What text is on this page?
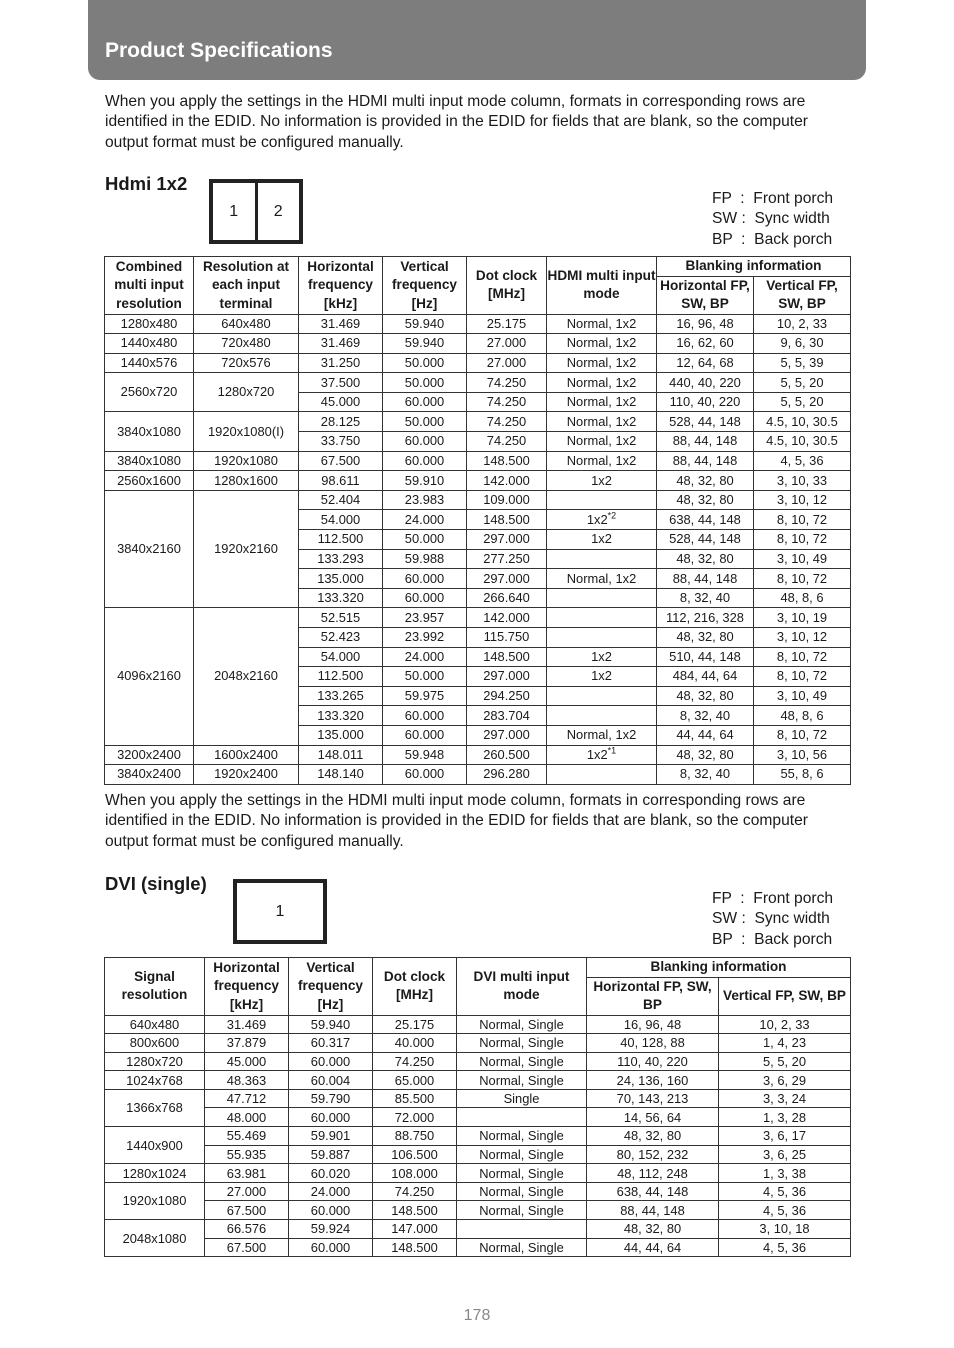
Product Specifications

When you apply the settings in the HDMI multi input mode column, formats in corresponding rows are identified in the EDID. No information is provided in the EDID for fields that are blank, so the computer output format must be configured manually.

Hdmi 1x2
1	2
FP  :  Front porch
SW :  Sync width
BP  :  Back porch
Combined multi input resolution	Resolution at each input terminal	Horizontal frequency [kHz]	Vertical frequency [Hz]	Dot clock [MHz]	HDMI multi input mode	Blanking information	
						Horizontal FP, SW, BP	Vertical FP, SW, BP
1280x480	640x480	31.469	59.940	25.175	Normal, 1x2	16, 96, 48	10, 2, 33
1440x480	720x480	31.469	59.940	27.000	Normal, 1x2	16, 62, 60	9, 6, 30
1440x576	720x576	31.250	50.000	27.000	Normal, 1x2	12, 64, 68	5, 5, 39
2560x720	1280x720	37.500	50.000	74.250	Normal, 1x2	440, 40, 220	5, 5, 20
		45.000	60.000	74.250	Normal, 1x2	110, 40, 220	5, 5, 20
3840x1080	1920x1080(I)	28.125	50.000	74.250	Normal, 1x2	528, 44, 148	4.5, 10, 30.5
		33.750	60.000	74.250	Normal, 1x2	88, 44, 148	4.5, 10, 30.5
3840x1080	1920x1080	67.500	60.000	148.500	Normal, 1x2	88, 44, 148	4, 5, 36
2560x1600	1280x1600	98.611	59.910	142.000	1x2	48, 32, 80	3, 10, 33
3840x2160	1920x2160	52.404	23.983	109.000		48, 32, 80	3, 10, 12
		54.000	24.000	148.500	1x2$^{*2}$	638, 44, 148	8, 10, 72
		112.500	50.000	297.000	1x2	528, 44, 148	8, 10, 72
		133.293	59.988	277.250		48, 32, 80	3, 10, 49
		135.000	60.000	297.000	Normal, 1x2	88, 44, 148	8, 10, 72
		133.320	60.000	266.640		8, 32, 40	48, 8, 6
4096x2160	2048x2160	52.515	23.957	142.000		112, 216, 328	3, 10, 19
		52.423	23.992	115.750		48, 32, 80	3, 10, 12
		54.000	24.000	148.500	1x2	510, 44, 148	8, 10, 72
		112.500	50.000	297.000	1x2	484, 44, 64	8, 10, 72
		133.265	59.975	294.250		48, 32, 80	3, 10, 49
		133.320	60.000	283.704		8, 32, 40	48, 8, 6
		135.000	60.000	297.000	Normal, 1x2	44, 44, 64	8, 10, 72
3200x2400	1600x2400	148.011	59.948	260.500	1x2$^{*1}$	48, 32, 80	3, 10, 56
3840x2400	1920x2400	148.140	60.000	296.280		8, 32, 40	55, 8, 6

When you apply the settings in the HDMI multi input mode column, formats in corresponding rows are identified in the EDID. No information is provided in the EDID for fields that are blank, so the computer output format must be configured manually.

DVI (single)
1
FP  :  Front porch
SW :  Sync width
BP  :  Back porch
Signal resolution	Horizontal frequency [kHz]	Vertical frequency [Hz]	Dot clock [MHz]	DVI multi input mode	Blanking information	
					Horizontal FP, SW, BP	Vertical FP, SW, BP
640x480	31.469	59.940	25.175	Normal, Single	16, 96, 48	10, 2, 33
800x600	37.879	60.317	40.000	Normal, Single	40, 128, 88	1, 4, 23
1280x720	45.000	60.000	74.250	Normal, Single	110, 40, 220	5, 5, 20
1024x768	48.363	60.004	65.000	Normal, Single	24, 136, 160	3, 6, 29
1366x768	47.712	59.790	85.500	Single	70, 143, 213	3, 3, 24
	48.000	60.000	72.000		14, 56, 64	1, 3, 28
1440x900	55.469	59.901	88.750	Normal, Single	48, 32, 80	3, 6, 17
	55.935	59.887	106.500	Normal, Single	80, 152, 232	3, 6, 25
1280x1024	63.981	60.020	108.000	Normal, Single	48, 112, 248	1, 3, 38
1920x1080	27.000	24.000	74.250	Normal, Single	638, 44, 148	4, 5, 36
	67.500	60.000	148.500	Normal, Single	88, 44, 148	4, 5, 36
2048x1080	66.576	59.924	147.000		48, 32, 80	3, 10, 18
	67.500	60.000	148.500	Normal, Single	44, 44, 64	4, 5, 36
178
